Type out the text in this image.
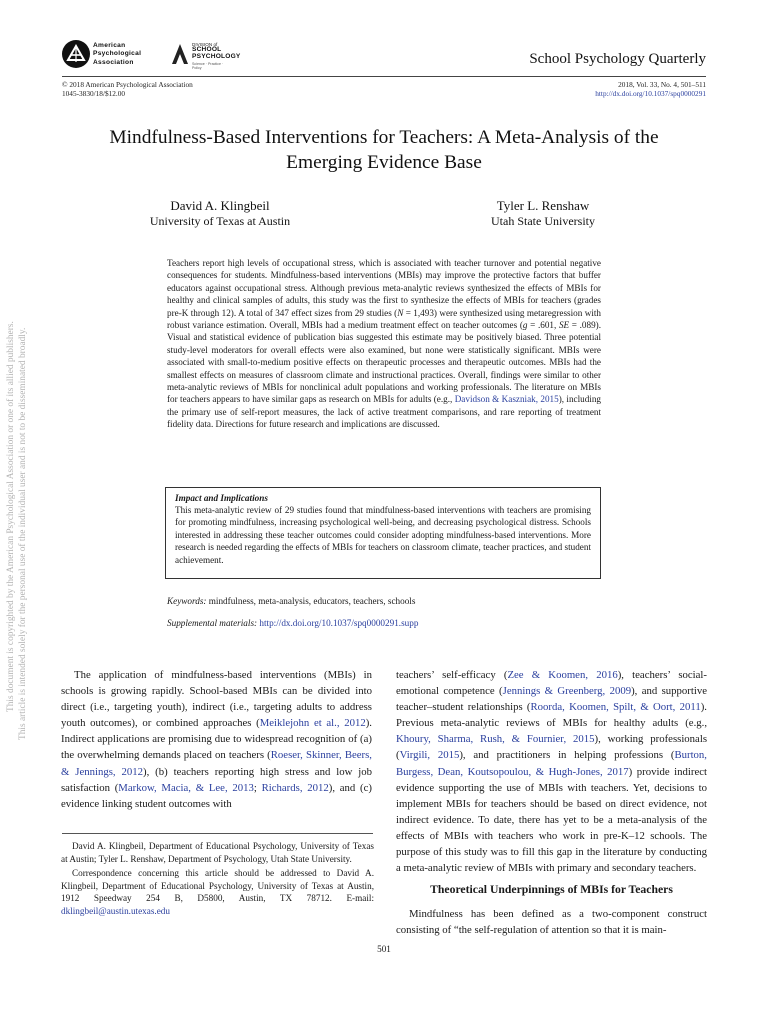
American
Psychological
Association
DIVISION of
SCHOOL
PSYCHOLOGY
Science · Practice · Policy
School Psychology Quarterly
© 2018 American Psychological Association
1045-3830/18/$12.00
2018, Vol. 33, No. 4, 501–511
http://dx.doi.org/10.1037/spq0000291
Mindfulness-Based Interventions for Teachers: A Meta-Analysis of the
Emerging Evidence Base
David A. Klingbeil
University of Texas at Austin
Tyler L. Renshaw
Utah State University
Teachers report high levels of occupational stress, which is associated with teacher turnover and potential negative consequences for students. Mindfulness-based interventions (MBIs) may improve the protective factors that buffer educators against occupational stress. Although previous meta-analytic reviews synthesized the effects of MBIs for healthy and clinical samples of adults, this study was the first to synthesize the effects of MBIs for teachers (grades pre-K through 12). A total of 347 effect sizes from 29 studies (N = 1,493) were synthesized using metaregression with robust variance estimation. Overall, MBIs had a medium treatment effect on teacher outcomes (g = .601, SE = .089). Visual and statistical evidence of publication bias suggested this estimate may be positively biased. Three potential study-level moderators for overall effects were also examined, but none were statistically significant. MBIs were associated with small-to-medium positive effects on therapeutic processes and therapeutic outcomes. MBIs had the smallest effects on measures of classroom climate and instructional practices. Overall, findings were similar to other meta-analytic reviews of MBIs for nonclinical adult populations and working professionals. The literature on MBIs for teachers appears to have similar gaps as research on MBIs for adults (e.g., Davidson & Kaszniak, 2015), including the primary use of self-report measures, the lack of active treatment comparisons, and rare reporting of treatment fidelity data. Directions for future research and implications are discussed.
Impact and Implications
This meta-analytic review of 29 studies found that mindfulness-based interventions with teachers are promising for promoting mindfulness, increasing psychological well-being, and decreasing psychological distress. Schools interested in addressing these teacher outcomes could consider adopting mindfulness-based interventions. More research is needed regarding the effects of MBIs for teachers on classroom climate, teacher practices, and student achievement.
Keywords: mindfulness, meta-analysis, educators, teachers, schools
Supplemental materials: http://dx.doi.org/10.1037/spq0000291.supp
This document is copyrighted by the American Psychological Association or one of its allied publishers. This article is intended solely for the personal use of the individual user and is not to be disseminated broadly.	The application of mindfulness-based interventions (MBIs) in schools is growing rapidly. School-based MBIs can be divided into direct (i.e., targeting youth), indirect (i.e., targeting adults to address youth outcomes), or combined approaches (Meiklejohn et al., 2012). Indirect applications are promising due to widespread recognition of (a) the overwhelming demands placed on teachers (Roeser, Skinner, Beers, & Jennings, 2012), (b) teachers reporting high stress and low job satisfaction (Markow, Macia, & Lee, 2013; Richards, 2012), and (c) evidence linking student outcomes with

David A. Klingbeil, Department of Educational Psychology, University of Texas at Austin; Tyler L. Renshaw, Department of Psychology, Utah State University.

Correspondence concerning this article should be addressed to David A. Klingbeil, Department of Educational Psychology, University of Texas at Austin, 1912 Speedway 254 B, D5800, Austin, TX 78712. E-mail: dklingbeil@austin.utexas.edu

teachers’ self-efficacy (Zee & Koomen, 2016), teachers’ social-emotional competence (Jennings & Greenberg, 2009), and supportive teacher–student relationships (Roorda, Koomen, Spilt, & Oort, 2011). Previous meta-analytic reviews of MBIs for healthy adults (e.g., Khoury, Sharma, Rush, & Fournier, 2015), working professionals (Virgili, 2015), and practitioners in helping professions (Burton, Burgess, Dean, Koutsopoulou, & Hugh-Jones, 2017) provide indirect evidence supporting the use of MBIs with teachers. Yet, decisions to implement MBIs for teachers should be based on direct evidence, not indirect evidence. To date, there has yet to be a meta-analysis of the effects of MBIs with teachers who work in pre-K–12 schools. The purpose of this study was to fill this gap in the literature by conducting a meta-analytic review of MBIs with primary and secondary teachers.

Theoretical Underpinnings of MBIs for Teachers

Mindfulness has been defined as a two-component construct consisting of “the self-regulation of attention so that it is main-

501
